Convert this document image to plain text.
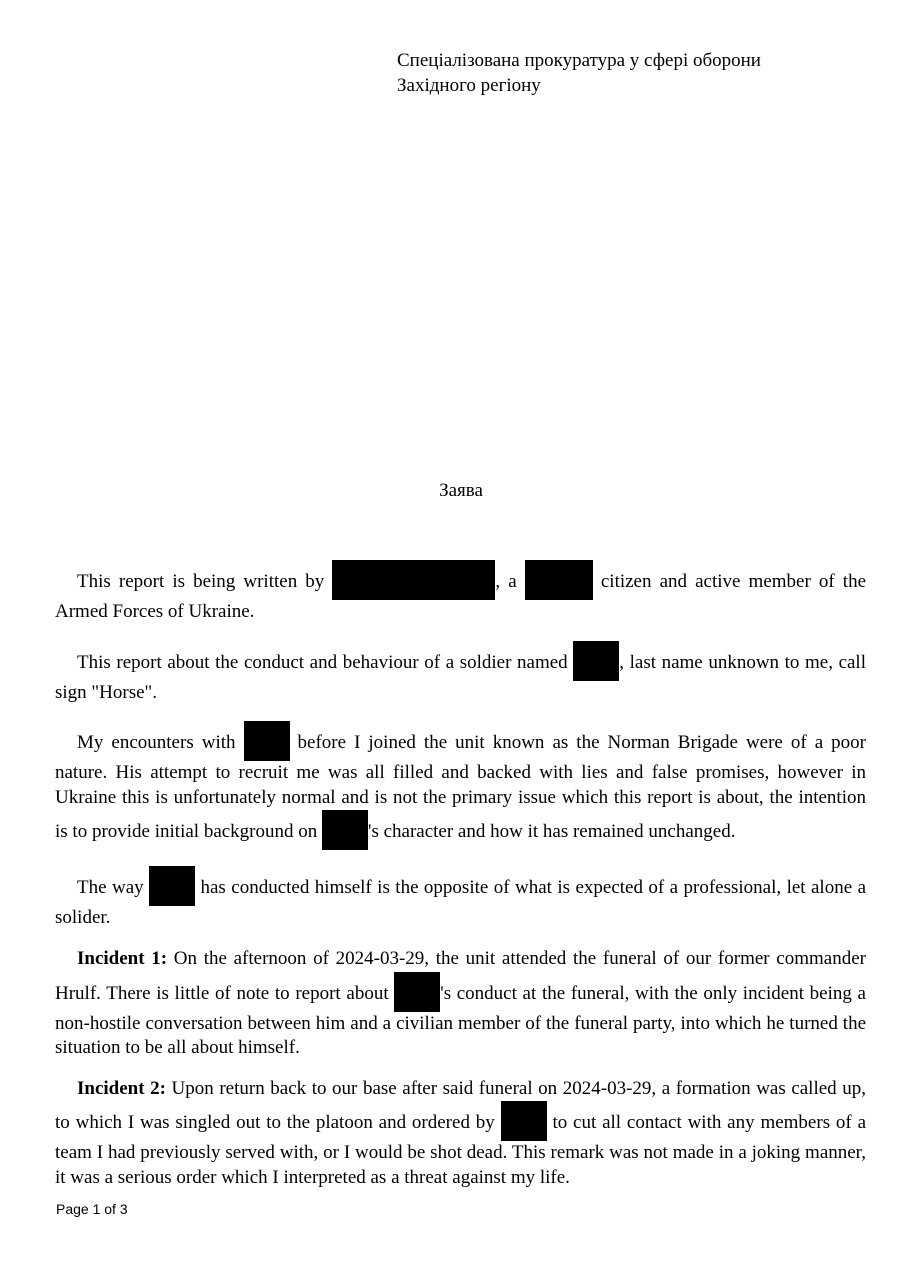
Спеціалізована прокуратура у сфері оборони
Західного регіону
Заява

This report is being written by	, a	citizen and active member of the Armed Forces of Ukraine.

This report about the conduct and behaviour of a soldier named	, last name unknown to me, call sign "Horse".

My encounters with	before I joined the unit known as the Norman Brigade were of a poor nature. His attempt to recruit me was all filled and backed with lies and false promises, however in Ukraine this is unfortunately normal and is not the primary issue which this report is about, the intention is to provide initial background on	's character and how it has remained unchanged.

The way	has conducted himself is the opposite of what is expected of a professional, let alone a solider.

Incident 1: On the afternoon of 2024-03-29, the unit attended the funeral of our former commander Hrulf. There is little of note to report about	's conduct at the funeral, with the only incident being a non-hostile conversation between him and a civilian member of the funeral party, into which he turned the situation to be all about himself.

Incident 2: Upon return back to our base after said funeral on 2024-03-29, a formation was called up, to which I was singled out to the platoon and ordered by	to cut all contact with any members of a team I had previously served with, or I would be shot dead. This remark was not made in a joking manner, it was a serious order which I interpreted as a threat against my life.

Page 1 of 3
